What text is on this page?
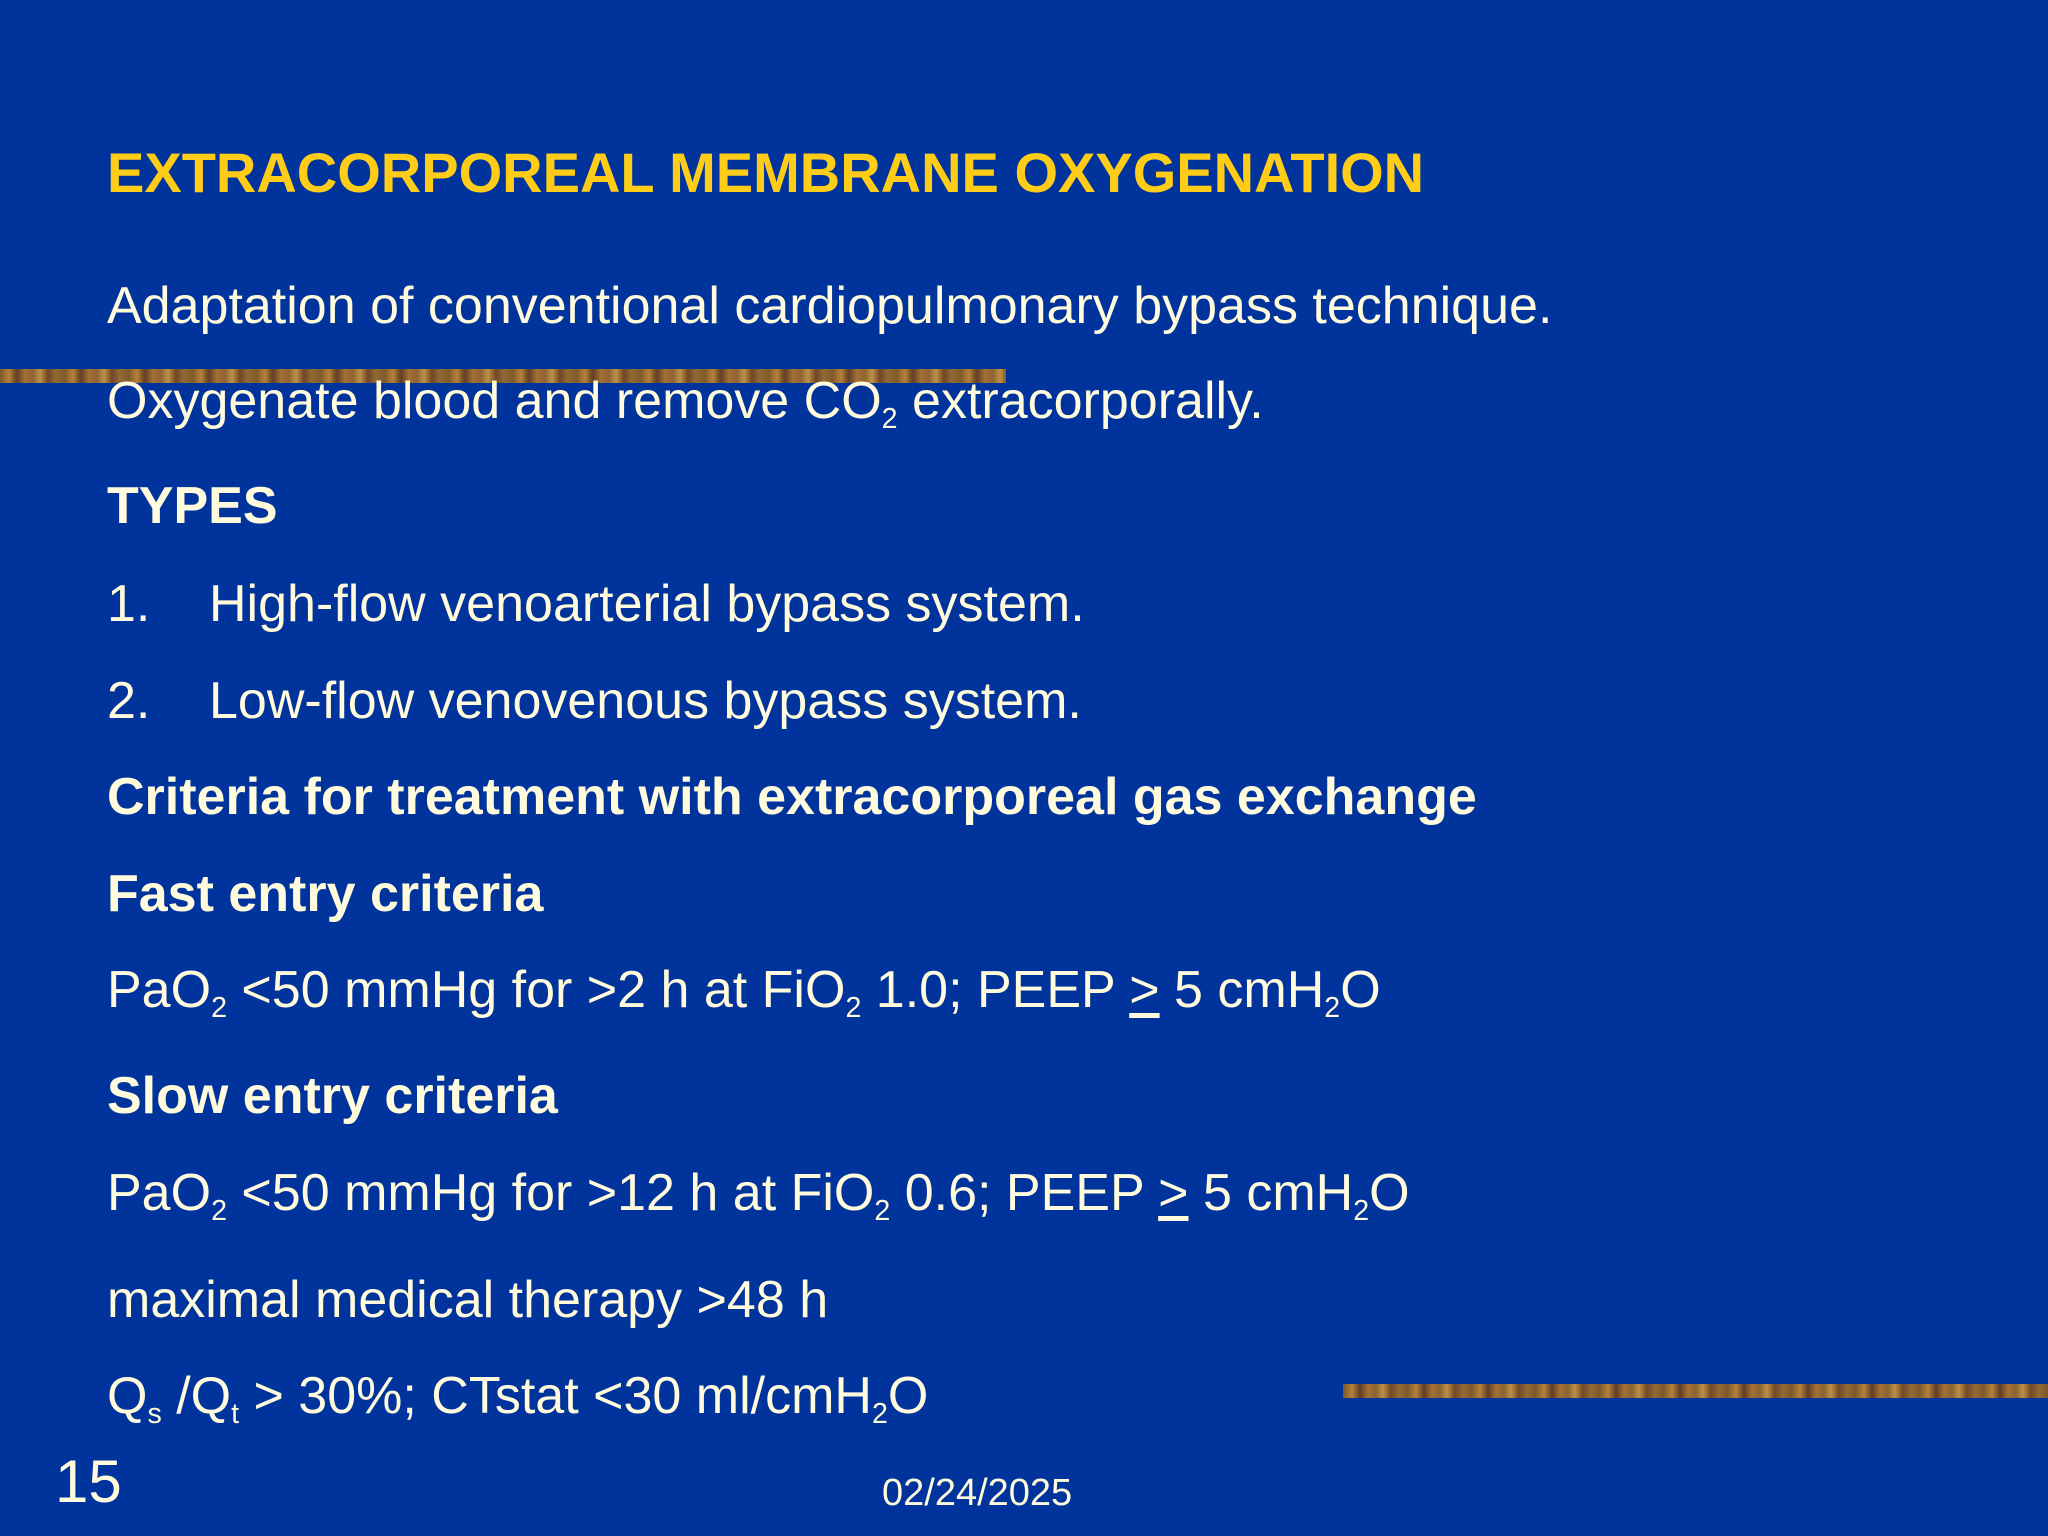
EXTRACORPOREAL MEMBRANE OXYGENATION

Adaptation of conventional cardiopulmonary bypass technique.

Oxygenate blood and remove $CO_2$ extracorporally.

TYPES

1. High-flow venoarterial bypass system.

2. Low-flow venovenous bypass system.

Criteria for treatment with extracorporeal gas exchange

Fast entry criteria

PaO$_2$ <50 mmHg for >2 h at FiO$_2$ 1.0; PEEP ≥ 5 cmH$_2$O

Slow entry criteria

PaO$_2$ <50 mmHg for >12 h at FiO$_2$ 0.6; PEEP ≥ 5 cmH$_2$O

maximal medical therapy >48 h

$Q_s$ $/Q_t > 30\%$; CTstat <30 ml/cmH$_2$O

15	02/24/2025
